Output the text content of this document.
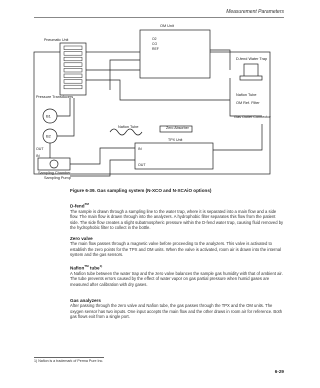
Measurement Parameters
O2
CO
REF
OM Unit
Pneumatic Unit
D-fend Water Trap
Pressure Transducers
B1
B2
Nafion Tube
OM Ref. Filter
Gas Outlet Connector
Nafion Tube	Zero Absorber
TPX Unit
IN
OUT
OUT
IN
Sampling Chamber
Sampling Pump
Figure 6-39. Gas sampling system (N-XCO and N-XCAiO options)
D-fend™

The sample is drawn through a sampling line to the water trap, where it is separated into a main flow and a side flow. The main flow is drawn through into the analyzers. A hydrophobic filter separates this flow from the patient side. The side flow creates a slight subatmospheric pressure within the D-fend water trap, causing fluid removed by the hydrophobic filter to collect in the bottle.

Zero valve

The main flow passes through a magnetic valve before proceeding to the analyzers. This valve is activated to establish the zero points for the TPX and OM units. When the valve is activated, room air is drawn into the internal system and the gas sensors.

Nafion™ tube$^{1)}$

A Nafion tube between the water trap and the zero valve balances the sample gas humidity with that of ambient air. The tube prevents errors caused by the effect of water vapor on gas partial pressure when humid gases are measured after calibration with dry gases.

Gas analyzers

After passing through the zero valve and Nafion tube, the gas passes through the TPX and the OM units. The oxygen sensor has two inputs. One input accepts the main flow and the other draws in room air for reference. Both gas flows exit from a single port.

1) Nafion is a trademark of Perma Pure Inc.
6-29
